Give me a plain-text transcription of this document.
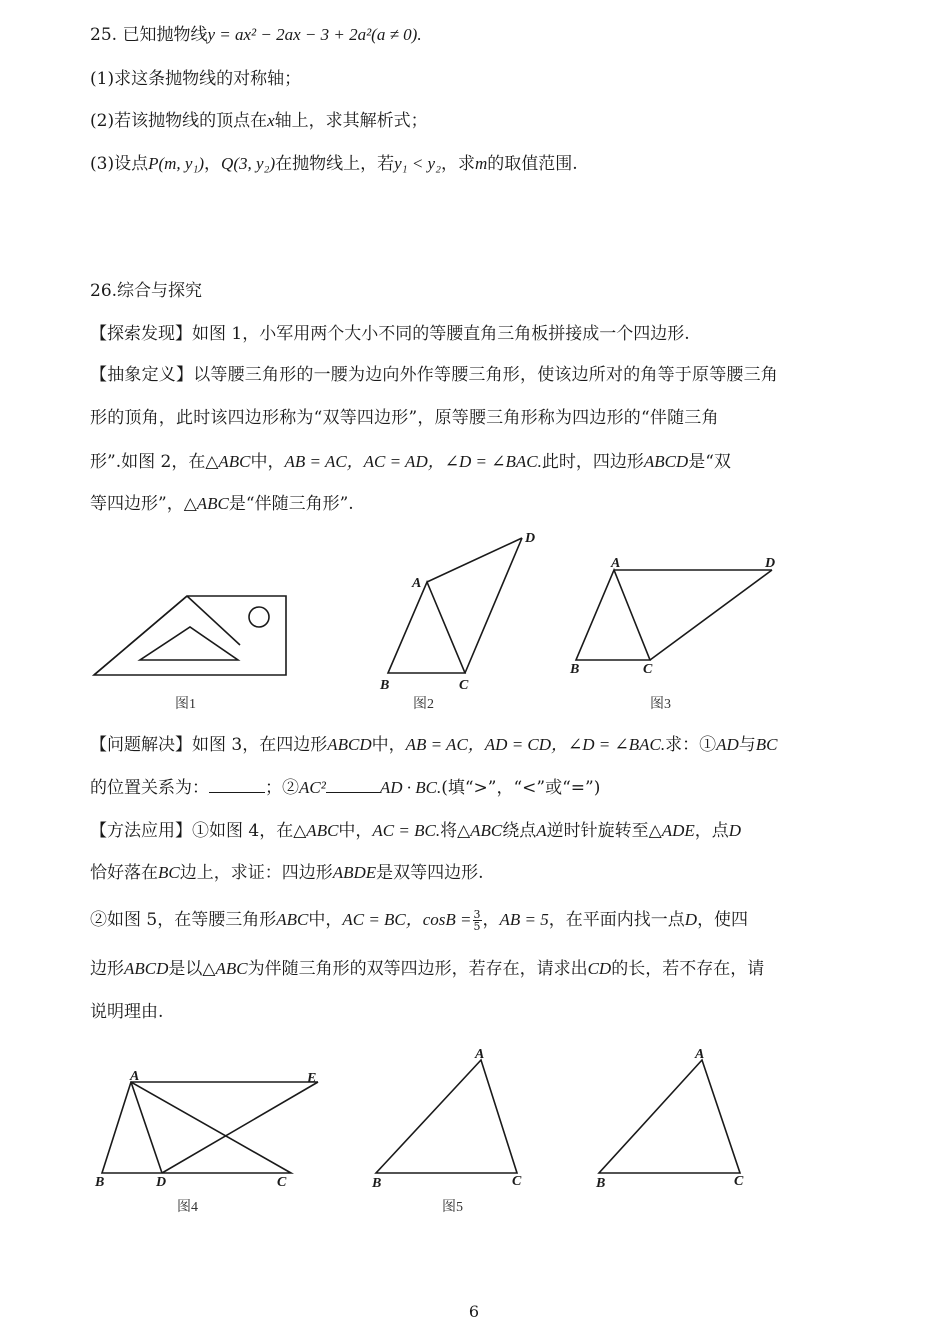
25. 已知抛物线y = ax² − 2ax − 3 + 2a²(a ≠ 0).
(1)求这条抛物线的对称轴；
(2)若该抛物线的顶点在x轴上，求其解析式；
(3)设点P(m, y₁)，Q(3, y₂)在抛物线上，若y₁ < y₂，求m的取值范围.
26.综合与探究
【探索发现】如图 1，小军用两个大小不同的等腰直角三角板拼接成一个四边形.
【抽象定义】以等腰三角形的一腰为边向外作等腰三角形，使该边所对的角等于原等腰三角
形的顶角，此时该四边形称为“双等四边形”，原等腰三角形称为四边形的“伴随三角
形”.如图 2，在△ABC中，AB = AC，AC = AD，∠D = ∠BAC.此时，四边形ABCD是“双
等四边形”，△ABC是“伴随三角形”.
图1
A
B	C
D
图2
A
B	C
D
图3
【问题解决】如图 3，在四边形ABCD中，AB = AC，AD = CD，∠D = ∠BAC.求：①AD与BC
的位置关系为：	；②AC²	AD · BC.(填“>”，“<”或“=”)
【方法应用】①如图 4，在△ABC中，AC = BC.将△ABC绕点A逆时针旋转至△ADE，点D
恰好落在BC边上，求证：四边形ABDE是双等四边形.
②如图 5，在等腰三角形ABC中，AC = BC，$\cos B = \frac{3}{5}$ ，AB = 5，在平面内找一点D，使四
边形ABCD是以△ABC为伴随三角形的双等四边形，若存在，请求出CD的长，若不存在，请
说明理由.
A
B	D	C
E
图4
A
B	C
图5
A
B	C
6
